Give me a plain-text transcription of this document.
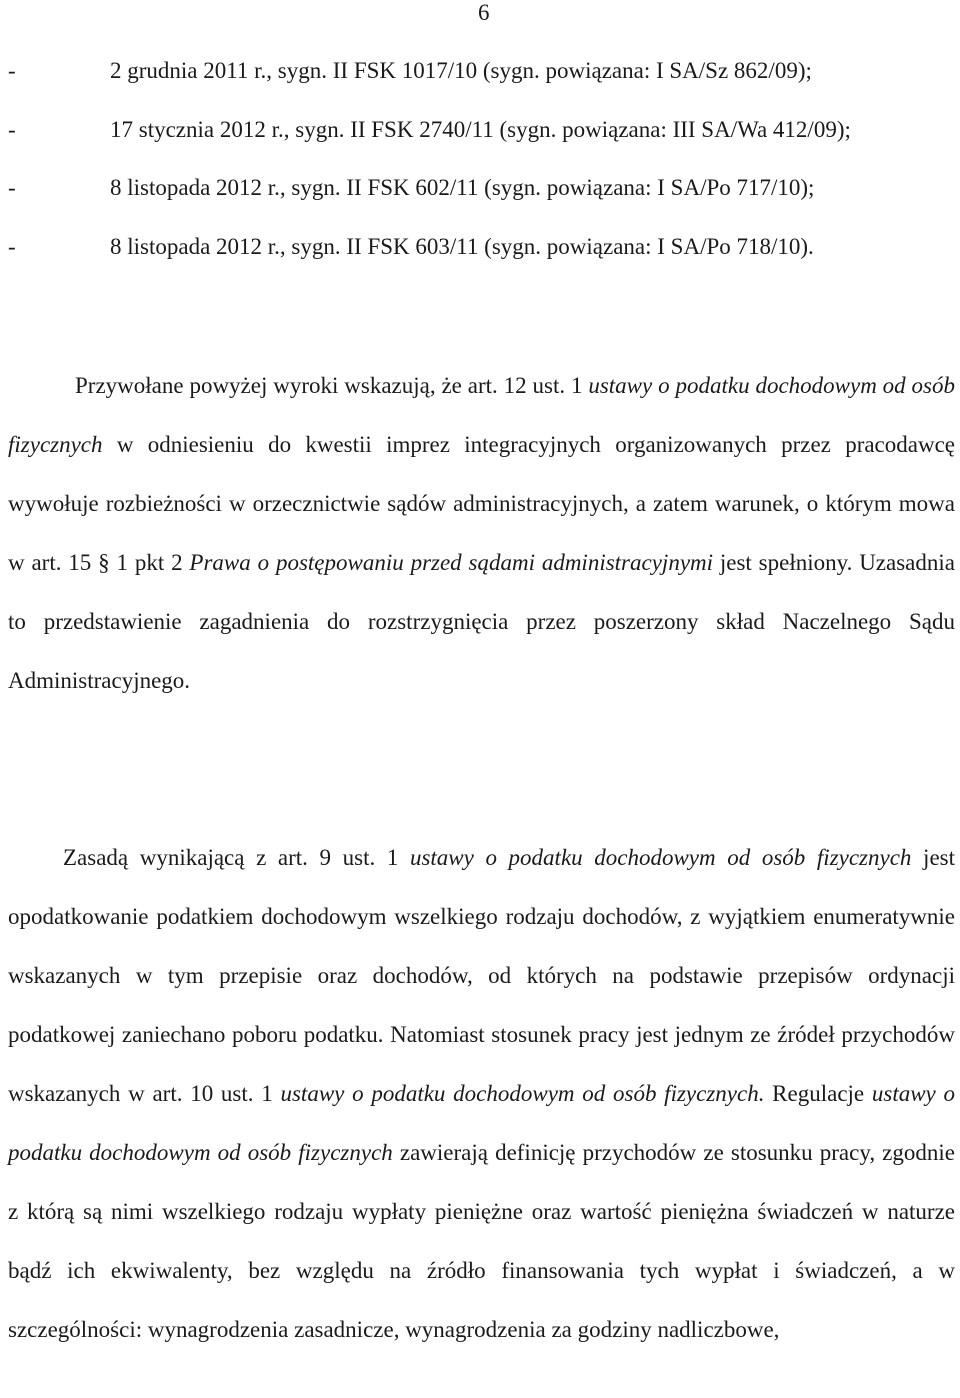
6
-	2 grudnia 2011 r., sygn. II FSK 1017/10 (sygn. powiązana: I SA/Sz 862/09);
-	17 stycznia 2012 r., sygn. II FSK 2740/11 (sygn. powiązana: III SA/Wa 412/09);
-	8 listopada 2012 r., sygn. II FSK 602/11 (sygn. powiązana: I SA/Po 717/10);
-	8 listopada 2012 r., sygn. II FSK 603/11 (sygn. powiązana: I SA/Po 718/10).

Przywołane powyżej wyroki wskazują, że art. 12 ust. 1 ustawy o podatku dochodowym od osób fizycznych w odniesieniu do kwestii imprez integracyjnych organizowanych przez pracodawcę wywołuje rozbieżności w orzecznictwie sądów administracyjnych, a zatem warunek, o którym mowa w art. 15 § 1 pkt 2 Prawa o postępowaniu przed sądami administracyjnymi jest spełniony. Uzasadnia to przedstawienie zagadnienia do rozstrzygnięcia przez poszerzony skład Naczelnego Sądu Administracyjnego.

Zasadą wynikającą z art. 9 ust. 1 ustawy o podatku dochodowym od osób fizycznych jest opodatkowanie podatkiem dochodowym wszelkiego rodzaju dochodów, z wyjątkiem enumeratywnie wskazanych w tym przepisie oraz dochodów, od których na podstawie przepisów ordynacji podatkowej zaniechano poboru podatku. Natomiast stosunek pracy jest jednym ze źródeł przychodów wskazanych w art. 10 ust. 1 ustawy o podatku dochodowym od osób fizycznych. Regulacje ustawy o podatku dochodowym od osób fizycznych zawierają definicję przychodów ze stosunku pracy, zgodnie z którą są nimi wszelkiego rodzaju wypłaty pieniężne oraz wartość pieniężna świadczeń w naturze bądź ich ekwiwalenty, bez względu na źródło finansowania tych wypłat i świadczeń, a w szczególności: wynagrodzenia zasadnicze, wynagrodzenia za godziny nadliczbowe,
